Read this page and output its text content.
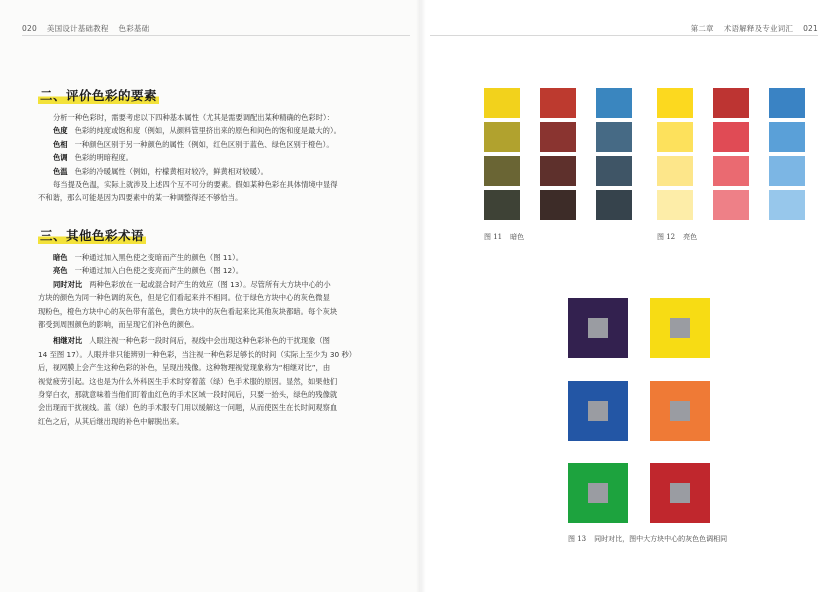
020 美国设计基础教程 色彩基础	第二章 术语解释及专业词汇 021
二、评价色彩的要素

分析一种色彩时，需要考虑以下四种基本属性（尤其是需要调配出某种精确的色彩时）：

色度 色彩的纯度或饱和度（例如，从颜料管里挤出来的原色和间色的饱和度是最大的）。

色相 一种颜色区别于另一种颜色的属性（例如，红色区别于蓝色、绿色区别于橙色）。

色调 色彩的明暗程度。

色温 色彩的冷暖属性（例如，柠檬黄相对较冷，鲜黄相对较暖）。

每当提及色温，实际上就涉及上述四个互不可分的要素。假如某种色彩在具体情境中显得

不和谐，那么可能是因为四要素中的某一种调整得还不够恰当。

三、其他色彩术语

暗色 一种通过加入黑色使之变暗而产生的颜色（图 11）。

亮色 一种通过加入白色使之变亮而产生的颜色（图 12）。

同时对比 两种色彩放在一起或混合时产生的效应（图 13）。尽管所有大方块中心的小

方块的颜色为同一种色调的灰色，但是它们看起来并不相同。位于绿色方块中心的灰色微显

现粉色，橙色方块中心的灰色带有蓝色，黄色方块中的灰色看起来比其他灰块都暗。每个灰块

都受到周围颜色的影响，而呈现它们补色的颜色。

相继对比 人眼注视一种色彩一段时间后，视线中会出现这种色彩补色的干扰现象（图

14 至图 17）。人眼并非只能辨别一种色彩，当注视一种色彩足够长的时间（实际上至少为 30 秒）

后，视网膜上会产生这种色彩的补色，呈现出残像。这种物理视觉现象称为“相继对比”，由

视觉疲劳引起。这也是为什么外科医生手术时穿着蓝（绿）色手术服的原因。显然，如果他们

身穿白衣，那就意味着当他们盯着血红色的手术区域一段时间后，只要一抬头，绿色的残像就

会出现而干扰视线。蓝（绿）色的手术服专门用以缓解这一问题，从而使医生在长时间观察血

红色之后，从其后继出现的补色中解脱出来。

图 11 暗色	图 12 亮色
图 13 同时对比，图中大方块中心的灰色色调相同
